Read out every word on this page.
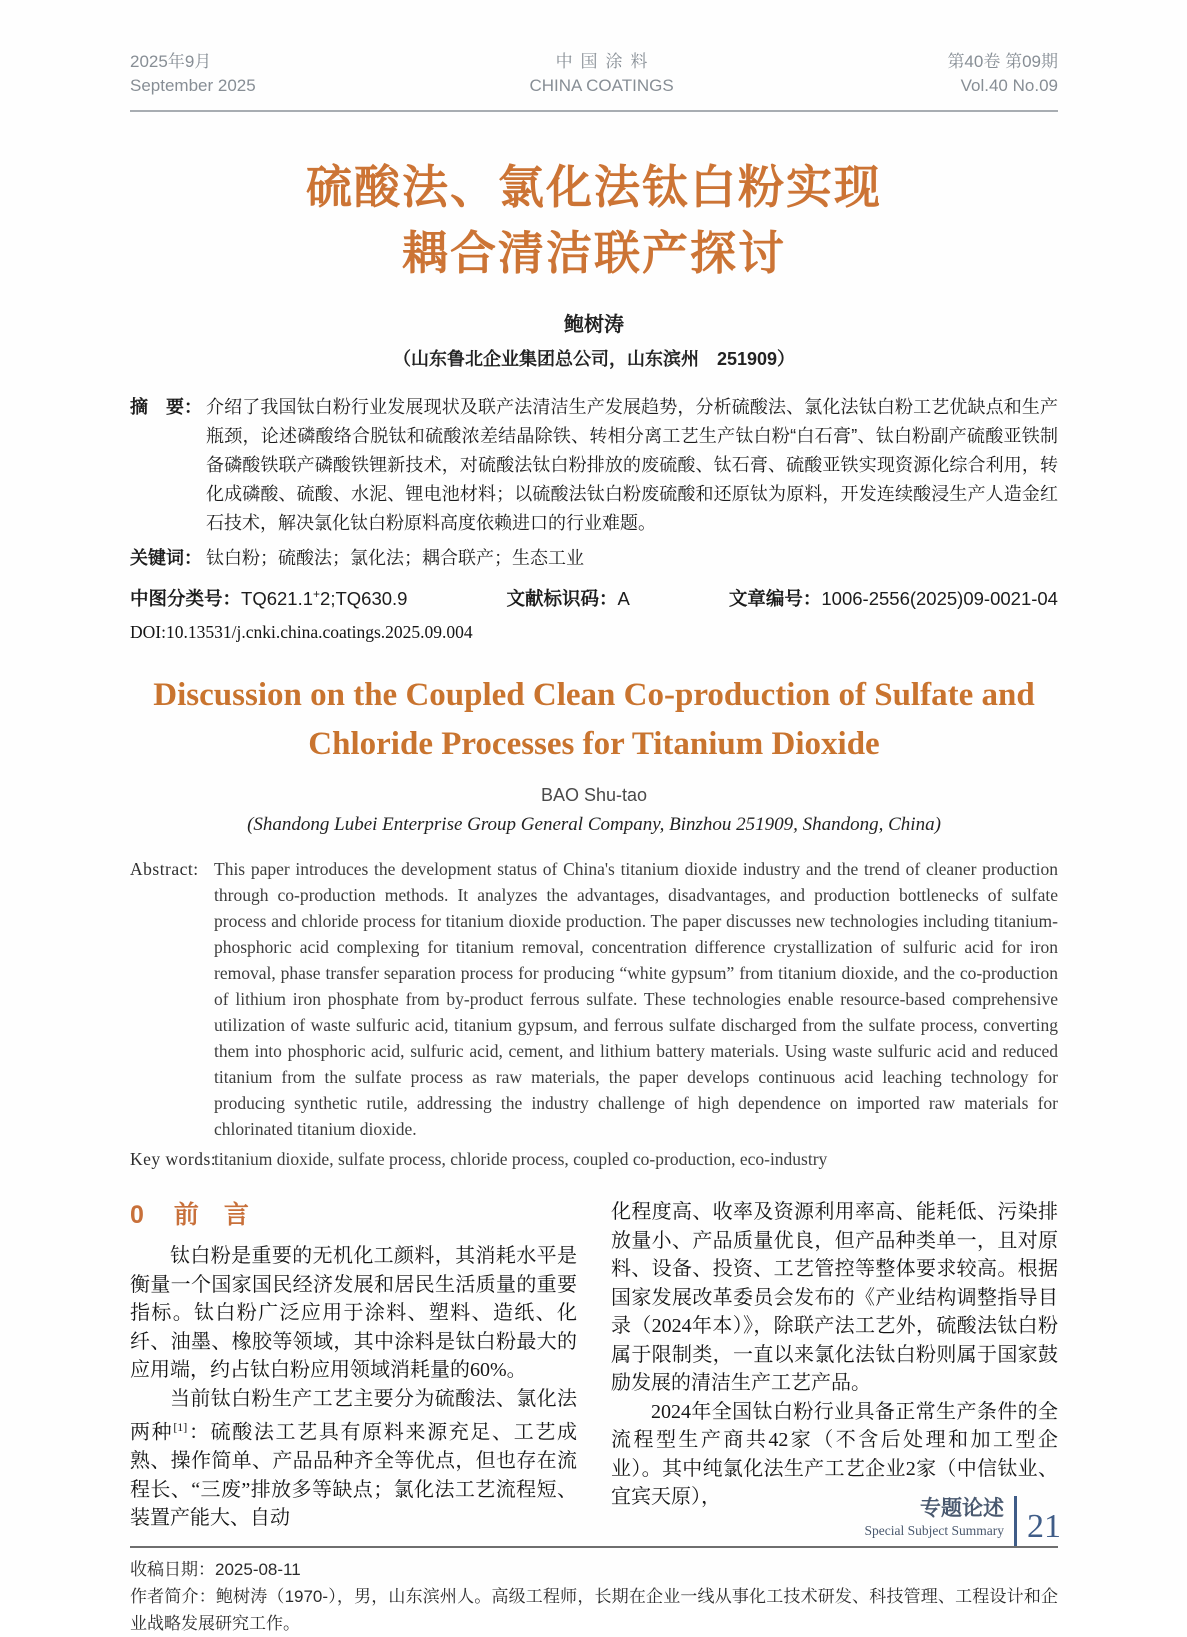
2025年9月
September 2025
中国涂料
CHINA COATINGS
第40卷 第09期
Vol.40 No.09
硫酸法、氯化法钛白粉实现
耦合清洁联产探讨
鲍树涛
（山东鲁北企业集团总公司，山东滨州　251909）
摘　要： 介绍了我国钛白粉行业发展现状及联产法清洁生产发展趋势，分析硫酸法、氯化法钛白粉工艺优缺点和生产瓶颈，论述磷酸络合脱钛和硫酸浓差结晶除铁、转相分离工艺生产钛白粉“白石膏”、钛白粉副产硫酸亚铁制备磷酸铁联产磷酸铁锂新技术，对硫酸法钛白粉排放的废硫酸、钛石膏、硫酸亚铁实现资源化综合利用，转化成磷酸、硫酸、水泥、锂电池材料；以硫酸法钛白粉废硫酸和还原钛为原料，开发连续酸浸生产人造金红石技术，解决氯化钛白粉原料高度依赖进口的行业难题。
关键词： 钛白粉；硫酸法；氯化法；耦合联产；生态工业
中图分类号：TQ621.1+2;TQ630.9	文献标识码：A	文章编号：1006-2556(2025)09-0021-04
DOI:10.13531/j.cnki.china.coatings.2025.09.004
Discussion on the Coupled Clean Co-production of Sulfate and Chloride Processes for Titanium Dioxide
BAO Shu-tao
(Shandong Lubei Enterprise Group General Company, Binzhou 251909, Shandong, China)
Abstract: This paper introduces the development status of China's titanium dioxide industry and the trend of cleaner production through co-production methods. It analyzes the advantages, disadvantages, and production bottlenecks of sulfate process and chloride process for titanium dioxide production. The paper discusses new technologies including titanium-phosphoric acid complexing for titanium removal, concentration difference crystallization of sulfuric acid for iron removal, phase transfer separation process for producing “white gypsum” from titanium dioxide, and the co-production of lithium iron phosphate from by-product ferrous sulfate. These technologies enable resource-based comprehensive utilization of waste sulfuric acid, titanium gypsum, and ferrous sulfate discharged from the sulfate process, converting them into phosphoric acid, sulfuric acid, cement, and lithium battery materials. Using waste sulfuric acid and reduced titanium from the sulfate process as raw materials, the paper develops continuous acid leaching technology for producing synthetic rutile, addressing the industry challenge of high dependence on imported raw materials for chlorinated titanium dioxide.
Key words:
titanium dioxide, sulfate process, chloride process, coupled co-production, eco-industry
0 前　言

钛白粉是重要的无机化工颜料，其消耗水平是衡量一个国家国民经济发展和居民生活质量的重要指标。钛白粉广泛应用于涂料、塑料、造纸、化纤、油墨、橡胶等领域，其中涂料是钛白粉最大的应用端，约占钛白粉应用领域消耗量的60%。

当前钛白粉生产工艺主要分为硫酸法、氯化法两种[1]：硫酸法工艺具有原料来源充足、工艺成熟、操作简单、产品品种齐全等优点，但也存在流程长、“三废”排放多等缺点；氯化法工艺流程短、装置产能大、自动

化程度高、收率及资源利用率高、能耗低、污染排放量小、产品质量优良，但产品种类单一，且对原料、设备、投资、工艺管控等整体要求较高。根据国家发展改革委员会发布的《产业结构调整指导目录（2024年本）》，除联产法工艺外，硫酸法钛白粉属于限制类，一直以来氯化法钛白粉则属于国家鼓励发展的清洁生产工艺产品。

2024年全国钛白粉行业具备正常生产条件的全流程型生产商共42家（不含后处理和加工型企业）。其中纯氯化法生产工艺企业2家（中信钛业、宜宾天原），

收稿日期：2025-08-11
作者简介：鲍树涛（1970-），男，山东滨州人。高级工程师，长期在企业一线从事化工技术研发、科技管理、工程设计和企业战略发展研究工作。
专题论述
Special Subject Summary 21
